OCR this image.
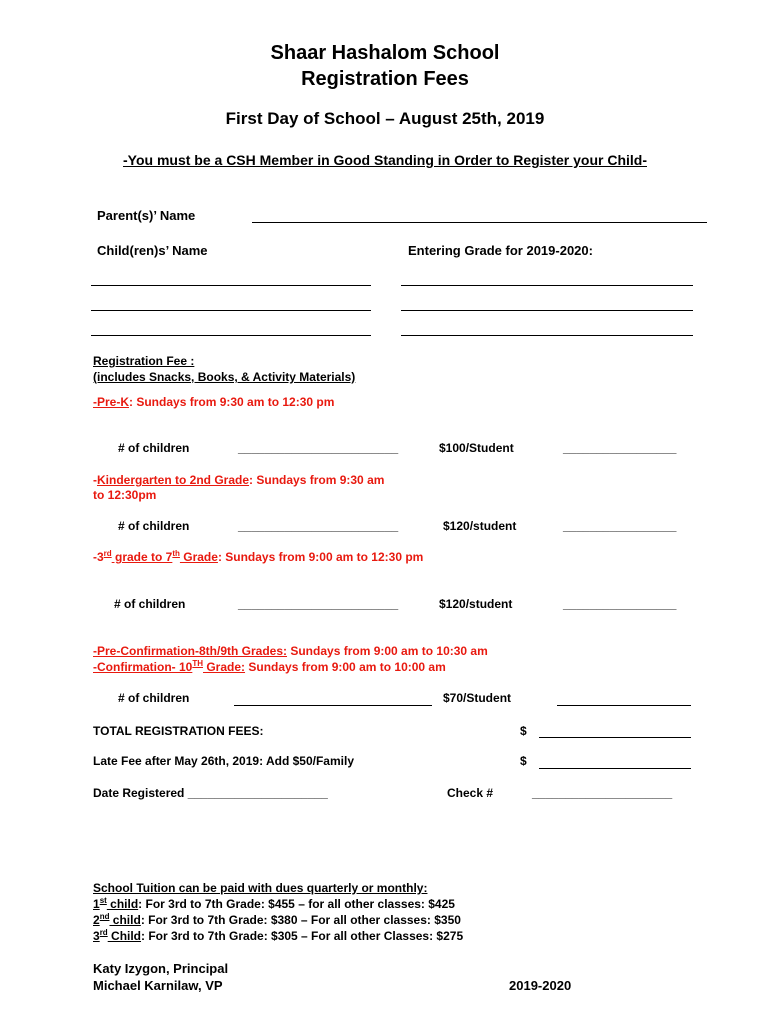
Shaar Hashalom School
Registration Fees
First Day of School – August 25th, 2019
-You must be a CSH Member in Good Standing in Order to Register your Child-
Parent(s)’ Name
Child(ren)s’ Name	Entering Grade for 2019-2020:
Registration Fee :
(includes Snacks, Books, & Activity Materials)
-Pre-K: Sundays from 9:30 am to 12:30 pm
# of children	________________________	$100/Student	_________________
-Kindergarten to 2nd Grade: Sundays from 9:30 am
to 12:30pm
# of children	________________________	$120/student	_________________
-3rd grade to 7th Grade: Sundays from 9:00 am to 12:30 pm
# of children	________________________	$120/student	_________________
-Pre-Confirmation-8th/9th Grades: Sundays from 9:00 am to 10:30 am
-Confirmation- 10TH Grade: Sundays from 9:00 am to 10:00 am
# of children	$70/Student
TOTAL REGISTRATION FEES:	$
Late Fee after May 26th, 2019: Add $50/Family	$
Date Registered _____________________	Check #	_____________________
School Tuition can be paid with dues quarterly or monthly:
1st child: For 3rd to 7th Grade: $455 – for all other classes: $425
2nd child: For 3rd to 7th Grade: $380 – For all other classes: $350
3rd Child: For 3rd to 7th Grade: $305 – For all other Classes: $275
Katy Izygon, Principal
Michael Karnilaw, VP	2019-2020
